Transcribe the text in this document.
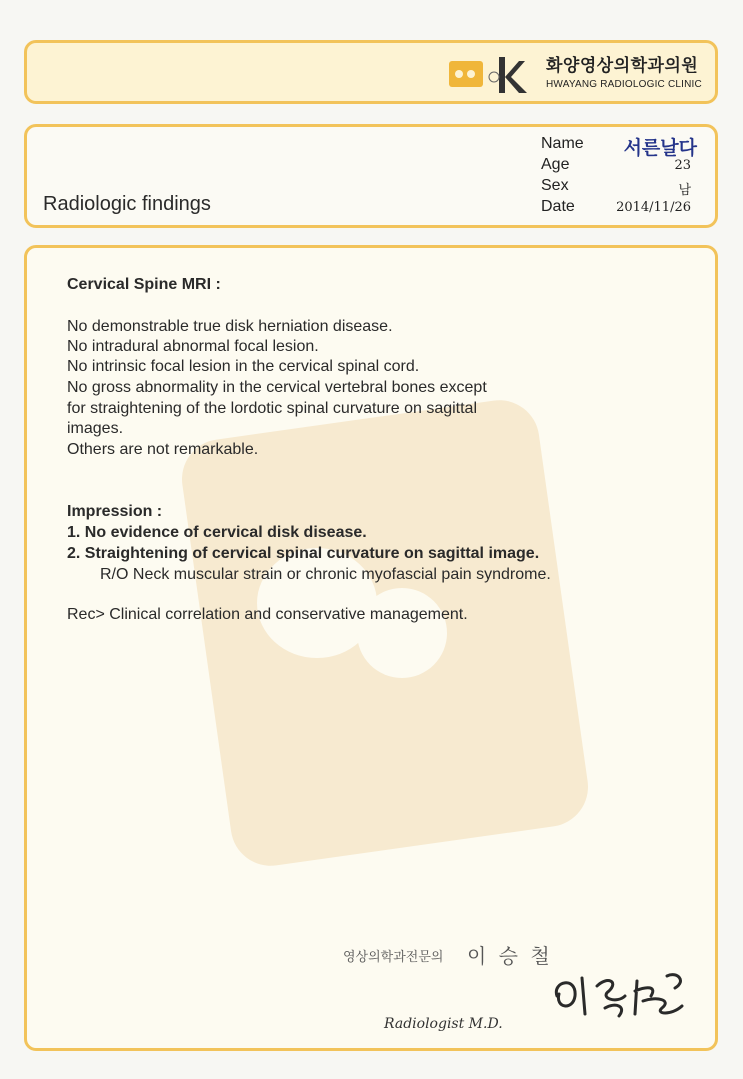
화양영상의학과의원
HWAYANG RADIOLOGIC CLINIC
Radiologic findings
Name 서른날다
Age	23
Sex	남
Date	2014/11/26
Cervical Spine MRI :
No demonstrable true disk herniation disease.
No intradural abnormal focal lesion.
No intrinsic focal lesion in the cervical spinal cord.
No gross abnormality in the cervical vertebral bones except
for straightening of the lordotic spinal curvature on sagittal
images.
Others are not remarkable.
Impression :
1. No evidence of cervical disk disease.
2. Straightening of cervical spinal curvature on sagittal image.
R/O Neck muscular strain or chronic myofascial pain syndrome.
Rec> Clinical correlation and conservative management.
영상의학과전문의 이 승 철
Radiologist M.D.
